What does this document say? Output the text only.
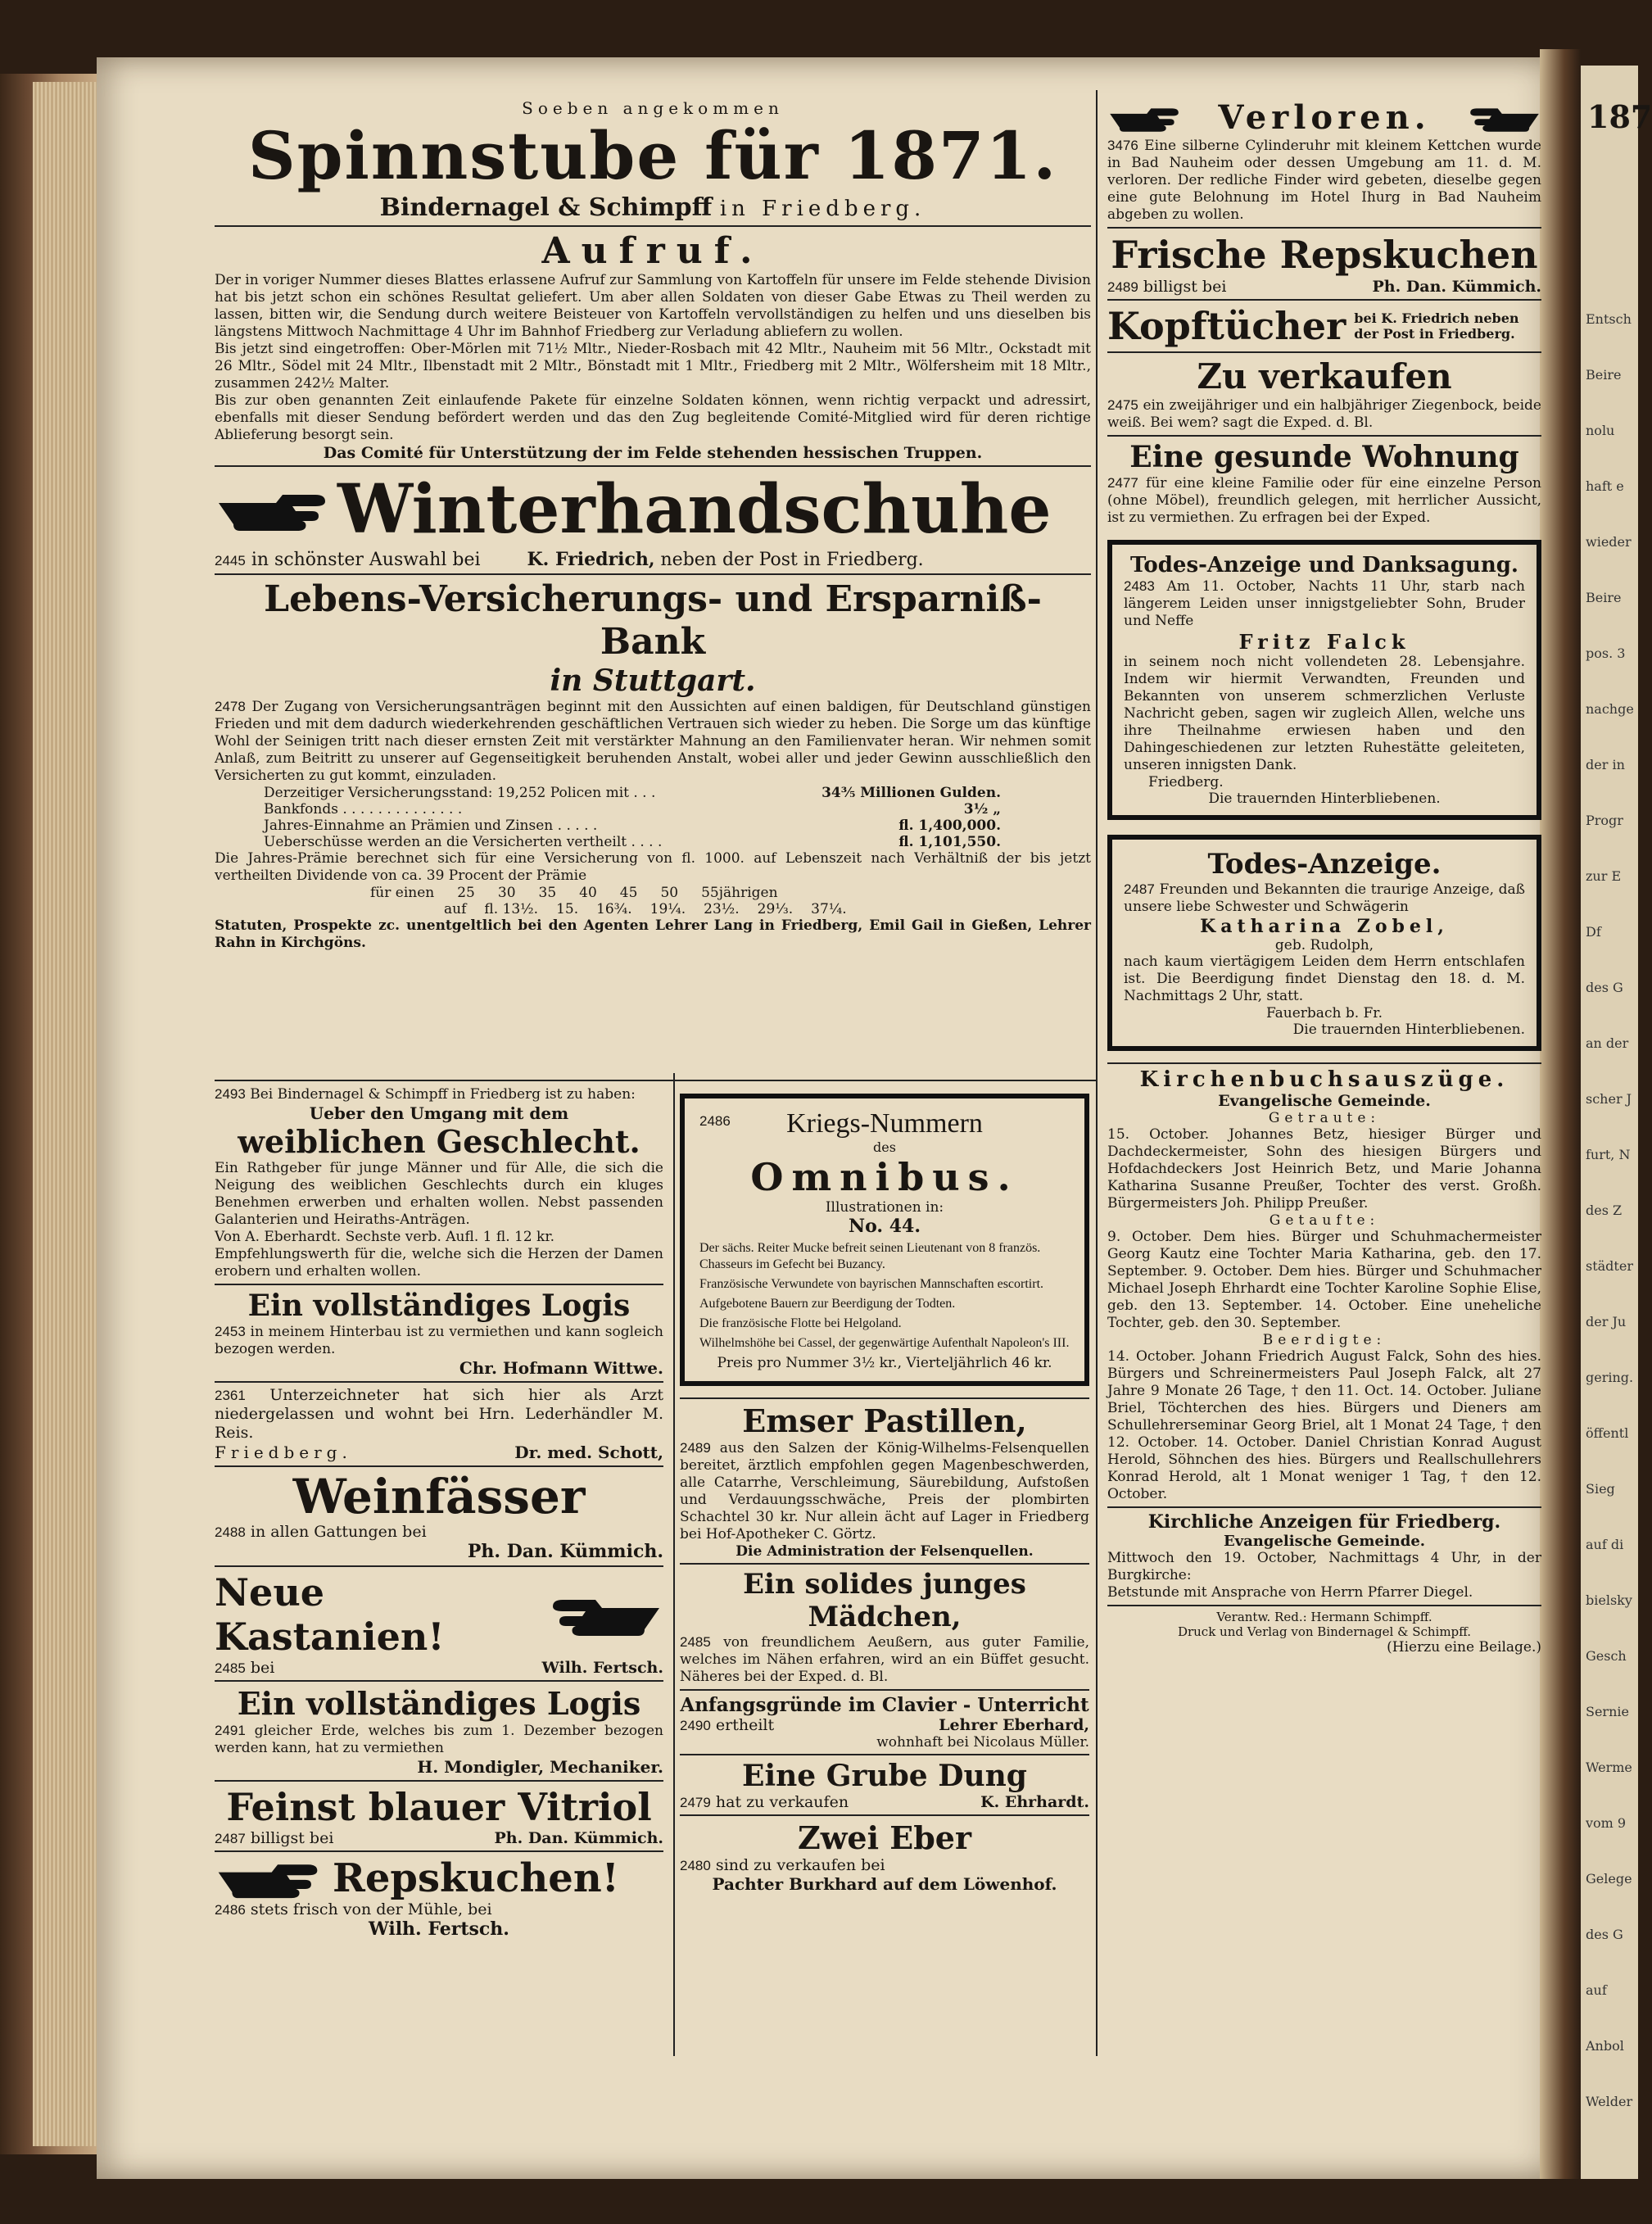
187
Entsch
Beire
nolu
haft e
wieder
Beire
pos. 3
nachge
der in
Progr
zur E
Df
des G
an der
scher J
furt, N
des Z
städter
der Ju
gering.
öffentl
Sieg
auf di
bielsky
Gesch
Sernie
Werme
vom 9
Gelege
des G
auf
Anbol
Welder
Soeben angekommen
Spinnstube für 1871.
Bindernagel & Schimpff in Friedberg.
Aufruf.

Der in voriger Nummer dieses Blattes erlassene Aufruf zur Sammlung von Kartoffeln für unsere im Felde stehende Division hat bis jetzt schon ein schönes Resultat geliefert. Um aber allen Soldaten von dieser Gabe Etwas zu Theil werden zu lassen, bitten wir, die Sendung durch weitere Beisteuer von Kartoffeln vervollständigen zu helfen und uns dieselben bis längstens Mittwoch Nachmittage 4 Uhr im Bahnhof Friedberg zur Verladung abliefern zu wollen.

Bis jetzt sind eingetroffen: Ober-Mörlen mit 71½ Mltr., Nieder-Rosbach mit 42 Mltr., Nauheim mit 56 Mltr., Ockstadt mit 26 Mltr., Södel mit 24 Mltr., Ilbenstadt mit 2 Mltr., Bönstadt mit 1 Mltr., Friedberg mit 2 Mltr., Wölfersheim mit 18 Mltr., zusammen 242½ Malter.

Bis zur oben genannten Zeit einlaufende Pakete für einzelne Soldaten können, wenn richtig verpackt und adressirt, ebenfalls mit dieser Sendung befördert werden und das den Zug begleitende Comité-Mitglied wird für deren richtige Ablieferung besorgt sein.

Das Comité für Unterstützung der im Felde stehenden hessischen Truppen.
Winterhandschuhe
2445 in schönster Auswahl bei	K. Friedrich, neben der Post in Friedberg.
Lebens-Versicherungs- und Ersparniß-Bank
in Stuttgart.

2478 Der Zugang von Versicherungsanträgen beginnt mit den Aussichten auf einen baldigen, für Deutschland günstigen Frieden und mit dem dadurch wiederkehrenden geschäftlichen Vertrauen sich wieder zu heben. Die Sorge um das künftige Wohl der Seinigen tritt nach dieser ernsten Zeit mit verstärkter Mahnung an den Familienvater heran. Wir nehmen somit Anlaß, zum Beitritt zu unserer auf Gegenseitigkeit beruhenden Anstalt, wobei aller und jeder Gewinn ausschließlich den Versicherten zu gut kommt, einzuladen.

Derzeitiger Versicherungsstand: 19,252 Policen mit . . .	34⅗ Millionen Gulden.
Bankfonds . . . . . . . . . . . . . .	3½ „
Jahres-Einnahme an Prämien und Zinsen . . . . .	fl. 1,400,000.
Ueberschüsse werden an die Versicherten vertheilt . . . .	fl. 1,101,550.

Die Jahres-Prämie berechnet sich für eine Versicherung von fl. 1000. auf Lebenszeit nach Verhältniß der bis jetzt vertheilten Dividende von ca. 39 Procent der Prämie

für einen 25 30 35 40 45 50 55jährigen
auf fl. 13½. 15. 16¾. 19¼. 23½. 29⅓. 37¼.

Statuten, Prospekte zc. unentgeltlich bei den Agenten Lehrer Lang in Friedberg, Emil Gail in Gießen, Lehrer Rahn in Kirchgöns.

2493 Bei Bindernagel & Schimpff in Friedberg ist zu haben:

Ueber den Umgang mit dem
weiblichen Geschlecht.

Ein Rathgeber für junge Männer und für Alle, die sich die Neigung des weiblichen Geschlechts durch ein kluges Benehmen erwerben und erhalten wollen. Nebst passenden Galanterien und Heiraths-Anträgen.

Von A. Eberhardt. Sechste verb. Aufl. 1 fl. 12 kr.

Empfehlungswerth für die, welche sich die Herzen der Damen erobern und erhalten wollen.

Ein vollständiges Logis

2453 in meinem Hinterbau ist zu vermiethen und kann sogleich bezogen werden.

Chr. Hofmann Wittwe.

2361 Unterzeichneter hat sich hier als Arzt niedergelassen und wohnt bei Hrn. Lederhändler M. Reis.

Friedberg.	Dr. med. Schott,
Weinfässer
2488 in allen Gattungen bei
Ph. Dan. Kümmich.
Neue Kastanien!
2485 bei	Wilh. Fertsch.
Ein vollständiges Logis

2491 gleicher Erde, welches bis zum 1. Dezember bezogen werden kann, hat zu vermiethen

H. Mondigler, Mechaniker.
Feinst blauer Vitriol
2487 billigst bei	Ph. Dan. Kümmich.
Repskuchen!

2486 stets frisch von der Mühle, bei

Wilh. Fertsch.
2486	Kriegs-Nummern
des
Omnibus.
Illustrationen in:
No. 44.

Der sächs. Reiter Mucke befreit seinen Lieutenant von 8 französ. Chasseurs im Gefecht bei Buzancy.

Französische Verwundete von bayrischen Mannschaften escortirt.

Aufgebotene Bauern zur Beerdigung der Todten.

Die französische Flotte bei Helgoland.

Wilhelmshöhe bei Cassel, der gegenwärtige Aufenthalt Napoleon's III.

Preis pro Nummer 3½ kr., Vierteljährlich 46 kr.
Emser Pastillen,

2489 aus den Salzen der König-Wilhelms-Felsenquellen bereitet, ärztlich empfohlen gegen Magenbeschwerden, alle Catarrhe, Verschleimung, Säurebildung, Aufstoßen und Verdauungsschwäche, Preis der plombirten Schachtel 30 kr. Nur allein ächt auf Lager in Friedberg bei Hof-Apotheker C. Görtz.

Die Administration der Felsenquellen.
Ein solides junges Mädchen,

2485 von freundlichem Aeußern, aus guter Familie, welches im Nähen erfahren, wird an ein Büffet gesucht. Näheres bei der Exped. d. Bl.

Anfangsgründe im Clavier - Unterricht
2490 ertheilt	Lehrer Eberhard,
wohnhaft bei Nicolaus Müller.
Eine Grube Dung
2479 hat zu verkaufen	K. Ehrhardt.
Zwei Eber
2480 sind zu verkaufen bei
Pachter Burkhard auf dem Löwenhof.
Verloren.

3476 Eine silberne Cylinderuhr mit kleinem Kettchen wurde in Bad Nauheim oder dessen Umgebung am 11. d. M. verloren. Der redliche Finder wird gebeten, dieselbe gegen eine gute Belohnung im Hotel Ihurg in Bad Nauheim abgeben zu wollen.

Frische Repskuchen
2489 billigst bei	Ph. Dan. Kümmich.
Kopftücher bei K. Friedrich neben der Post in Friedberg.
Zu verkaufen

2475 ein zweijähriger und ein halbjähriger Ziegenbock, beide weiß. Bei wem? sagt die Exped. d. Bl.

Eine gesunde Wohnung

2477 für eine kleine Familie oder für eine einzelne Person (ohne Möbel), freundlich gelegen, mit herrlicher Aussicht, ist zu vermiethen. Zu erfragen bei der Exped.

Todes-Anzeige und Danksagung.

2483 Am 11. October, Nachts 11 Uhr, starb nach längerem Leiden unser innigstgeliebter Sohn, Bruder und Neffe

Fritz Falck

in seinem noch nicht vollendeten 28. Lebensjahre. Indem wir hiermit Verwandten, Freunden und Bekannten von unserem schmerzlichen Verluste Nachricht geben, sagen wir zugleich Allen, welche uns ihre Theilnahme erwiesen haben und den Dahingeschiedenen zur letzten Ruhestätte geleiteten, unseren innigsten Dank.

Friedberg.
Die trauernden Hinterbliebenen.
Todes-Anzeige.

2487 Freunden und Bekannten die traurige Anzeige, daß unsere liebe Schwester und Schwägerin

Katharina Zobel,
geb. Rudolph,

nach kaum viertägigem Leiden dem Herrn entschlafen ist. Die Beerdigung findet Dienstag den 18. d. M. Nachmittags 2 Uhr, statt.

Fauerbach b. Fr.
Die trauernden Hinterbliebenen.
Kirchenbuchsauszüge.
Evangelische Gemeinde.
Getraute:

15. October. Johannes Betz, hiesiger Bürger und Dachdeckermeister, Sohn des hiesigen Bürgers und Hofdachdeckers Jost Heinrich Betz, und Marie Johanna Katharina Susanne Preußer, Tochter des verst. Großh. Bürgermeisters Joh. Philipp Preußer.

Getaufte:

9. October. Dem hies. Bürger und Schuhmachermeister Georg Kautz eine Tochter Maria Katharina, geb. den 17. September. 9. October. Dem hies. Bürger und Schuhmacher Michael Joseph Ehrhardt eine Tochter Karoline Sophie Elise, geb. den 13. September. 14. October. Eine uneheliche Tochter, geb. den 30. September.

Beerdigte:

14. October. Johann Friedrich August Falck, Sohn des hies. Bürgers und Schreinermeisters Paul Joseph Falck, alt 27 Jahre 9 Monate 26 Tage, † den 11. Oct. 14. October. Juliane Briel, Töchterchen des hies. Bürgers und Dieners am Schullehrerseminar Georg Briel, alt 1 Monat 24 Tage, † den 12. October. 14. October. Daniel Christian Konrad August Herold, Söhnchen des hies. Bürgers und Reallschullehrers Konrad Herold, alt 1 Monat weniger 1 Tag, † den 12. October.

Kirchliche Anzeigen für Friedberg.
Evangelische Gemeinde.

Mittwoch den 19. October, Nachmittags 4 Uhr, in der Burgkirche:

Betstunde mit Ansprache von Herrn Pfarrer Diegel.

Verantw. Red.: Hermann Schimpff.
Druck und Verlag von Bindernagel & Schimpff.
(Hierzu eine Beilage.)
